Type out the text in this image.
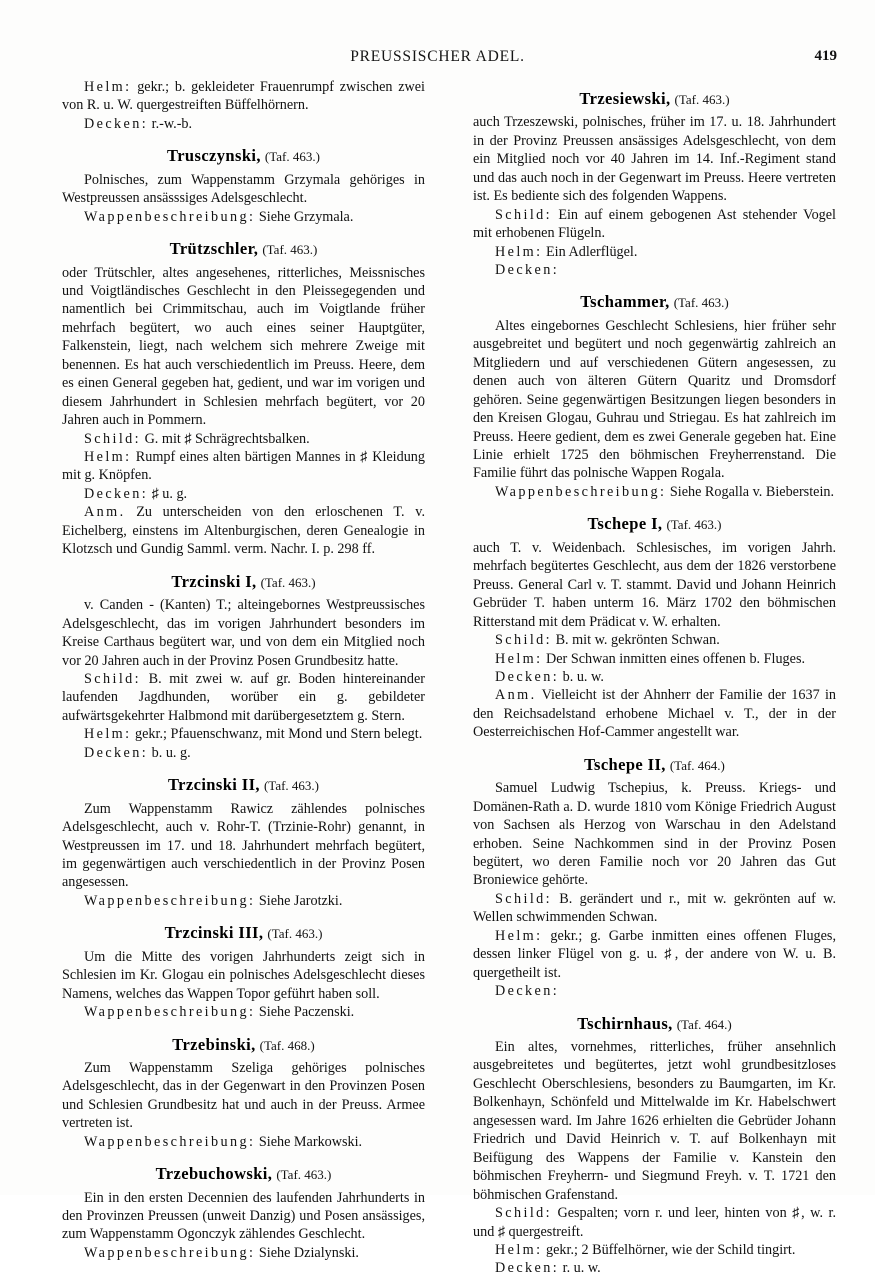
PREUSSISCHER ADEL.	419

Helm: gekr.; b. gekleideter Frauenrumpf zwischen zwei von R. u. W. quergestreiften Büffelhörnern.

Decken: r.-w.-b.

Trusczynski, (Taf. 463.)

Polnisches, zum Wappenstamm Grzymala gehöriges in Westpreussen ansässsiges Adelsgeschlecht.

Wappenbeschreibung: Siehe Grzymala.

Trützschler, (Taf. 463.)

oder Trütschler, altes angesehenes, ritterliches, Meissnisches und Voigtländisches Geschlecht in den Pleissegegenden und namentlich bei Crimmitschau, auch im Voigtlande früher mehrfach begütert, wo auch eines seiner Hauptgüter, Falkenstein, liegt, nach welchem sich mehrere Zweige mit benennen. Es hat auch verschiedentlich im Preuss. Heere, dem es einen General gegeben hat, gedient, und war im vorigen und diesem Jahrhundert in Schlesien mehrfach begütert, vor 20 Jahren auch in Pommern.

Schild: G. mit ♯ Schrägrechtsbalken.

Helm: Rumpf eines alten bärtigen Mannes in ♯ Kleidung mit g. Knöpfen.

Decken: ♯ u. g.

Anm. Zu unterscheiden von den erloschenen T. v. Eichelberg, einstens im Altenburgischen, deren Genealogie in Klotzsch und Gundig Samml. verm. Nachr. I. p. 298 ff.

Trzcinski I, (Taf. 463.)

v. Canden - (Kanten) T.; alteingebornes Westpreussisches Adelsgeschlecht, das im vorigen Jahrhundert besonders im Kreise Carthaus begütert war, und von dem ein Mitglied noch vor 20 Jahren auch in der Provinz Posen Grundbesitz hatte.

Schild: B. mit zwei w. auf gr. Boden hintereinander laufenden Jagdhunden, worüber ein g. gebildeter aufwärtsgekehrter Halbmond mit darübergesetztem g. Stern.

Helm: gekr.; Pfauenschwanz, mit Mond und Stern belegt.

Decken: b. u. g.

Trzcinski II, (Taf. 463.)

Zum Wappenstamm Rawicz zählendes polnisches Adelsgeschlecht, auch v. Rohr-T. (Trzinie-Rohr) genannt, in Westpreussen im 17. und 18. Jahrhundert mehrfach begütert, im gegenwärtigen auch verschiedentlich in der Provinz Posen angesessen.

Wappenbeschreibung: Siehe Jarotzki.

Trzcinski III, (Taf. 463.)

Um die Mitte des vorigen Jahrhunderts zeigt sich in Schlesien im Kr. Glogau ein polnisches Adelsgeschlecht dieses Namens, welches das Wappen Topor geführt haben soll.

Wappenbeschreibung: Siehe Paczenski.

Trzebinski, (Taf. 468.)

Zum Wappenstamm Szeliga gehöriges polnisches Adelsgeschlecht, das in der Gegenwart in den Provinzen Posen und Schlesien Grundbesitz hat und auch in der Preuss. Armee vertreten ist.

Wappenbeschreibung: Siehe Markowski.

Trzebuchowski, (Taf. 463.)

Ein in den ersten Decennien des laufenden Jahrhunderts in den Provinzen Preussen (unweit Danzig) und Posen ansässiges, zum Wappenstamm Ogonczyk zählendes Geschlecht.

Wappenbeschreibung: Siehe Dzialynski.

Trzesiewski, (Taf. 463.)

auch Trzeszewski, polnisches, früher im 17. u. 18. Jahrhundert in der Provinz Preussen ansässiges Adelsgeschlecht, von dem ein Mitglied noch vor 40 Jahren im 14. Inf.-Regiment stand und das auch noch in der Gegenwart im Preuss. Heere vertreten ist. Es bediente sich des folgenden Wappens.

Schild: Ein auf einem gebogenen Ast stehender Vogel mit erhobenen Flügeln.

Helm: Ein Adlerflügel.

Decken:

Tschammer, (Taf. 463.)

Altes eingebornes Geschlecht Schlesiens, hier früher sehr ausgebreitet und begütert und noch gegenwärtig zahlreich an Mitgliedern und auf verschiedenen Gütern angesessen, zu denen auch von älteren Gütern Quaritz und Dromsdorf gehören. Seine gegenwärtigen Besitzungen liegen besonders in den Kreisen Glogau, Guhrau und Striegau. Es hat zahlreich im Preuss. Heere gedient, dem es zwei Generale gegeben hat. Eine Linie erhielt 1725 den böhmischen Freyherrenstand. Die Familie führt das polnische Wappen Rogala.

Wappenbeschreibung: Siehe Rogalla v. Bieberstein.

Tschepe I, (Taf. 463.)

auch T. v. Weidenbach. Schlesisches, im vorigen Jahrh. mehrfach begütertes Geschlecht, aus dem der 1826 verstorbene Preuss. General Carl v. T. stammt. David und Johann Heinrich Gebrüder T. haben unterm 16. März 1702 den böhmischen Ritterstand mit dem Prädicat v. W. erhalten.

Schild: B. mit w. gekrönten Schwan.

Helm: Der Schwan inmitten eines offenen b. Fluges.

Decken: b. u. w.

Anm. Vielleicht ist der Ahnherr der Familie der 1637 in den Reichsadelstand erhobene Michael v. T., der in der Oesterreichischen Hof-Cammer angestellt war.

Tschepe II, (Taf. 464.)

Samuel Ludwig Tschepius, k. Preuss. Kriegs- und Domänen-Rath a. D. wurde 1810 vom Könige Friedrich August von Sachsen als Herzog von Warschau in den Adelstand erhoben. Seine Nachkommen sind in der Provinz Posen begütert, wo deren Familie noch vor 20 Jahren das Gut Broniewice gehörte.

Schild: B. gerändert und r., mit w. gekrönten auf w. Wellen schwimmenden Schwan.

Helm: gekr.; g. Garbe inmitten eines offenen Fluges, dessen linker Flügel von g. u. ♯, der andere von W. u. B. quergetheilt ist.

Decken:

Tschirnhaus, (Taf. 464.)

Ein altes, vornehmes, ritterliches, früher ansehnlich ausgebreitetes und begütertes, jetzt wohl grundbesitzloses Geschlecht Oberschlesiens, besonders zu Baumgarten, im Kr. Bolkenhayn, Schönfeld und Mittelwalde im Kr. Habelschwert angesessen ward. Im Jahre 1626 erhielten die Gebrüder Johann Friedrich und David Heinrich v. T. auf Bolkenhayn mit Beifügung des Wappens der Familie v. Kanstein den böhmischen Freyherrn- und Siegmund Freyh. v. T. 1721 den böhmischen Grafenstand.

Schild: Gespalten; vorn r. und leer, hinten von ♯, w. r. und ♯ quergestreift.

Helm: gekr.; 2 Büffelhörner, wie der Schild tingirt.

Decken: r. u. w.
